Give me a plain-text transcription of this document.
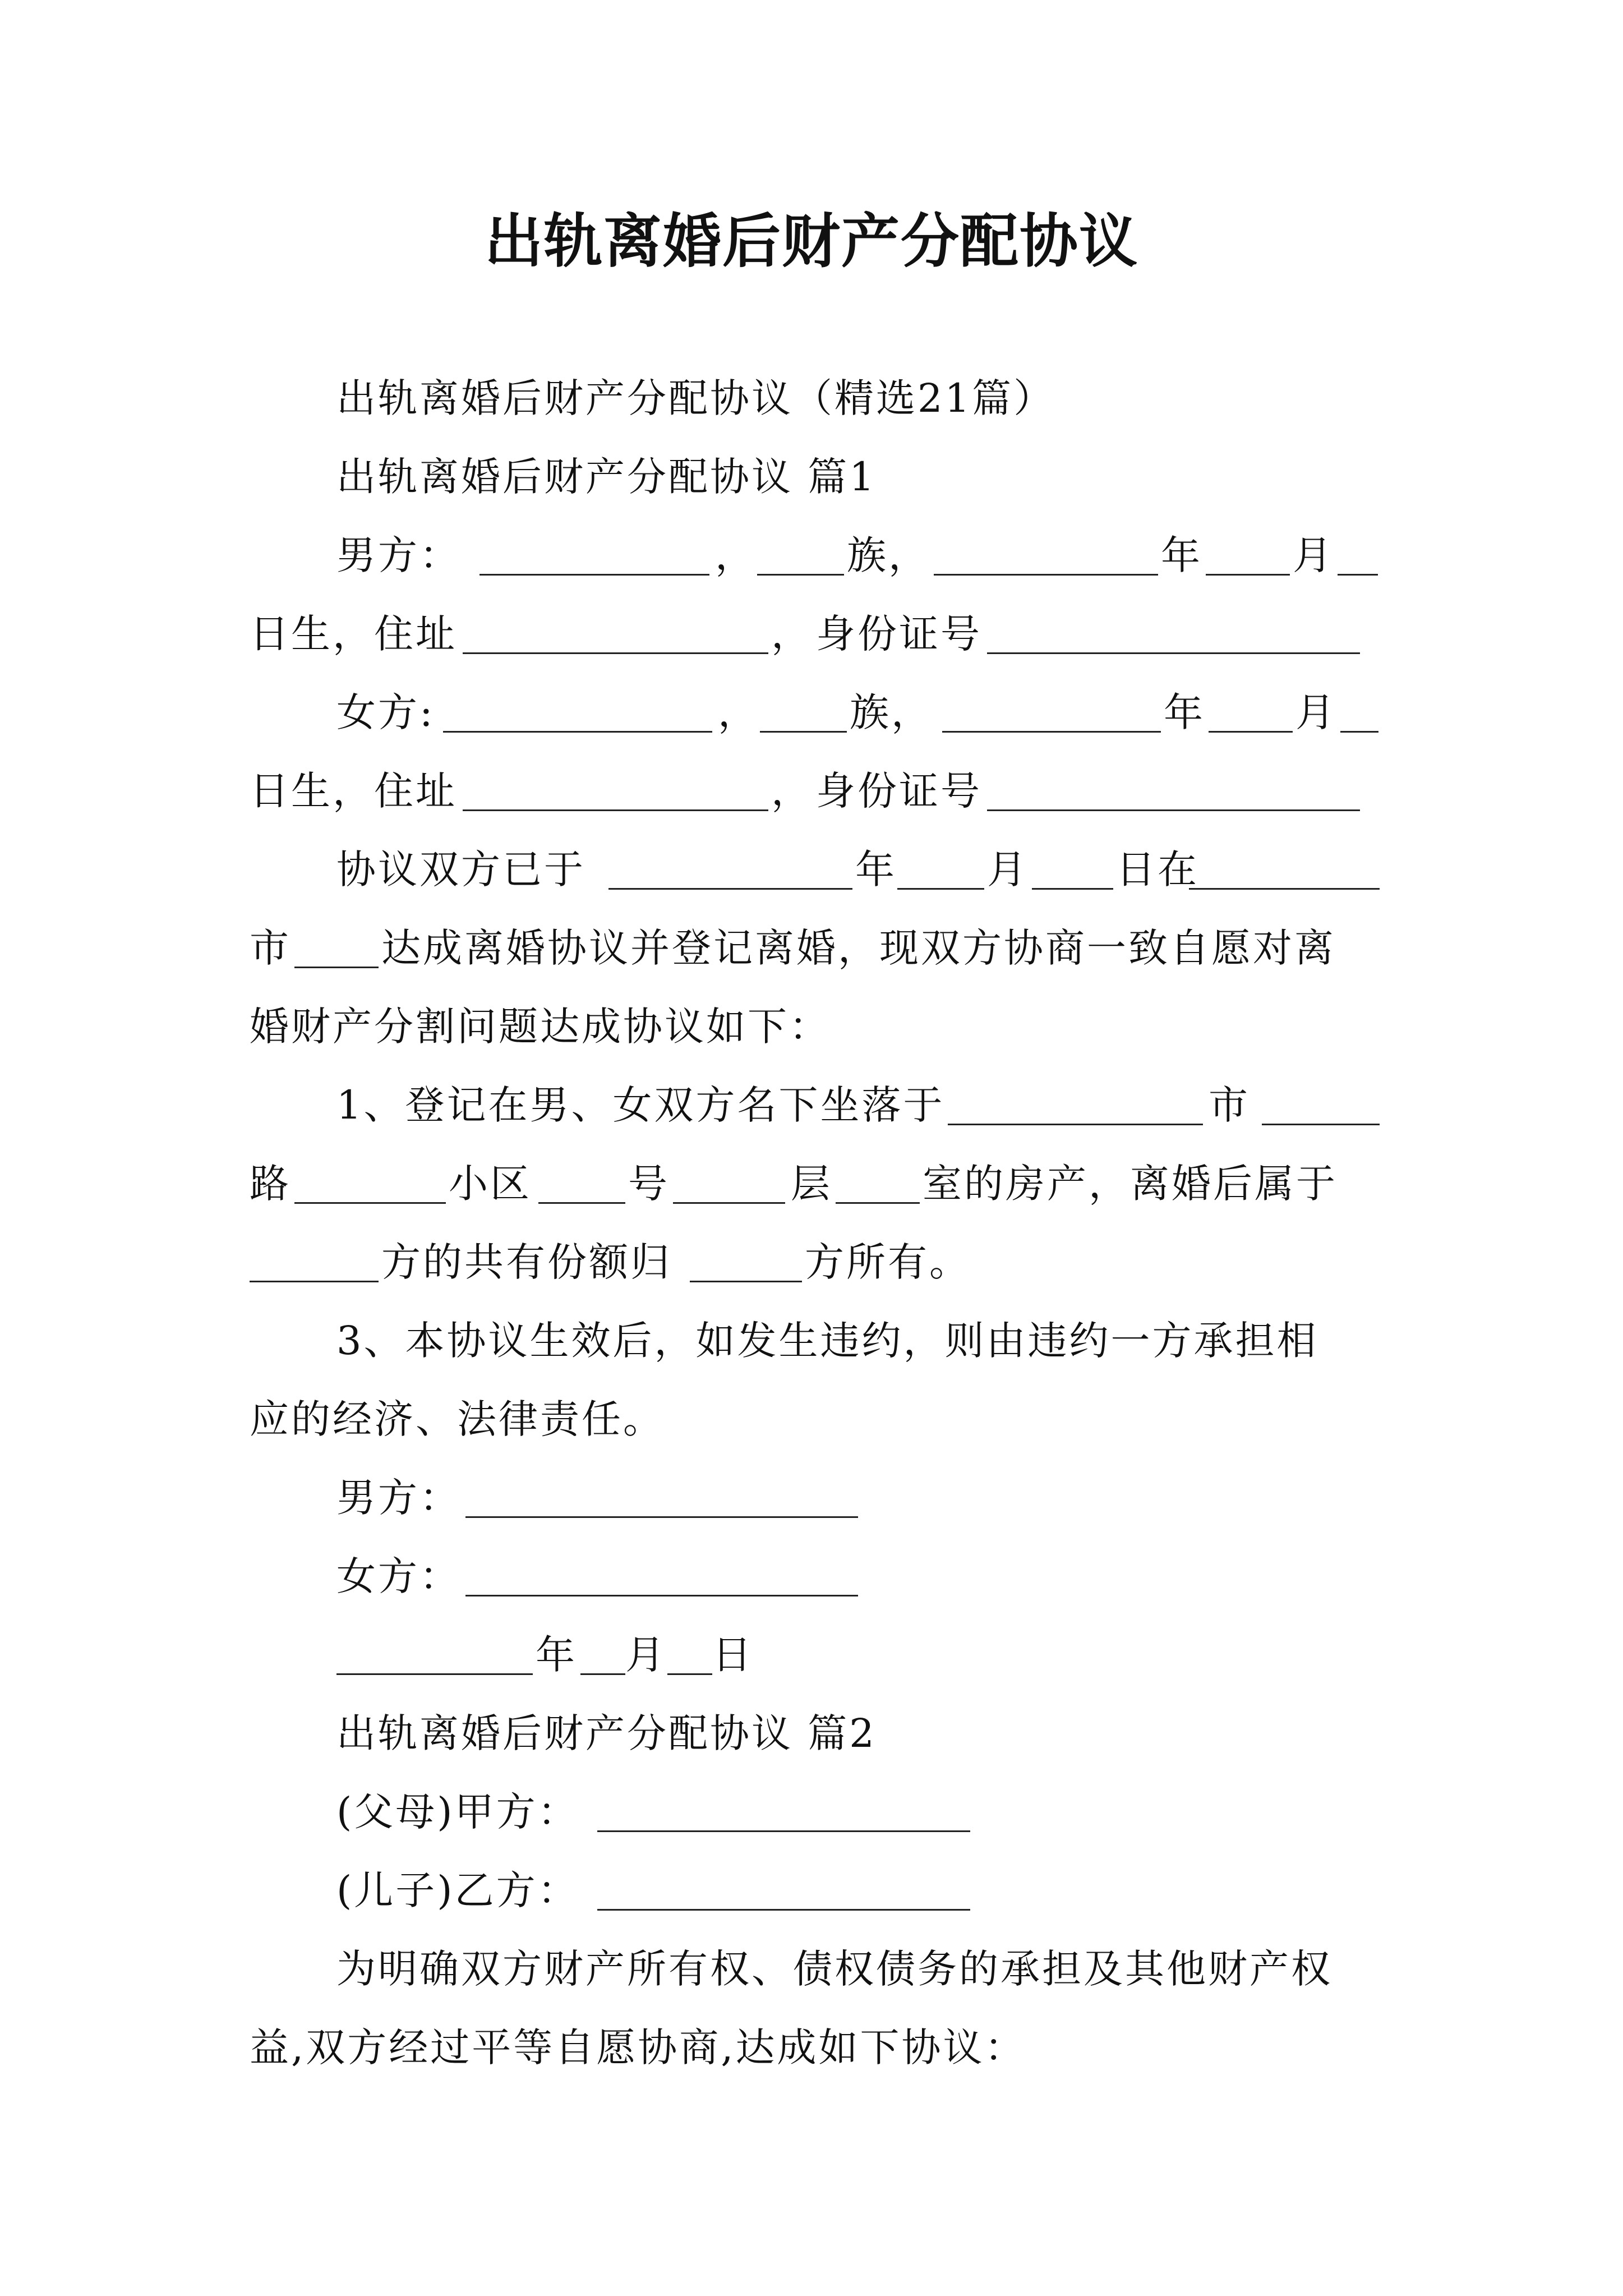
出轨离婚后财产分配协议
出轨离婚后财产分配协议（精选21篇）
出轨离婚后财产分配协议 篇1
男方：	， 族，	年 月
日生，住址	， 身份证号
女方:	， 族，	年 月
日生，住址	， 身份证号
协议双方已于	年 月 日在
市 达成离婚协议并登记离婚，现双方协商一致自愿对离
婚财产分割问题达成协议如下：
1、登记在男、女双方名下坐落于	市
路	小区 号	层 室的房产，离婚后属于
方的共有份额归	方所有。
3、本协议生效后，如发生违约，则由违约一方承担相
应的经济、法律责任。
男方：
女方：
年 月 日
出轨离婚后财产分配协议 篇2
(父母)甲方：
(儿子)乙方：
为明确双方财产所有权、债权债务的承担及其他财产权
益,双方经过平等自愿协商,达成如下协议：
